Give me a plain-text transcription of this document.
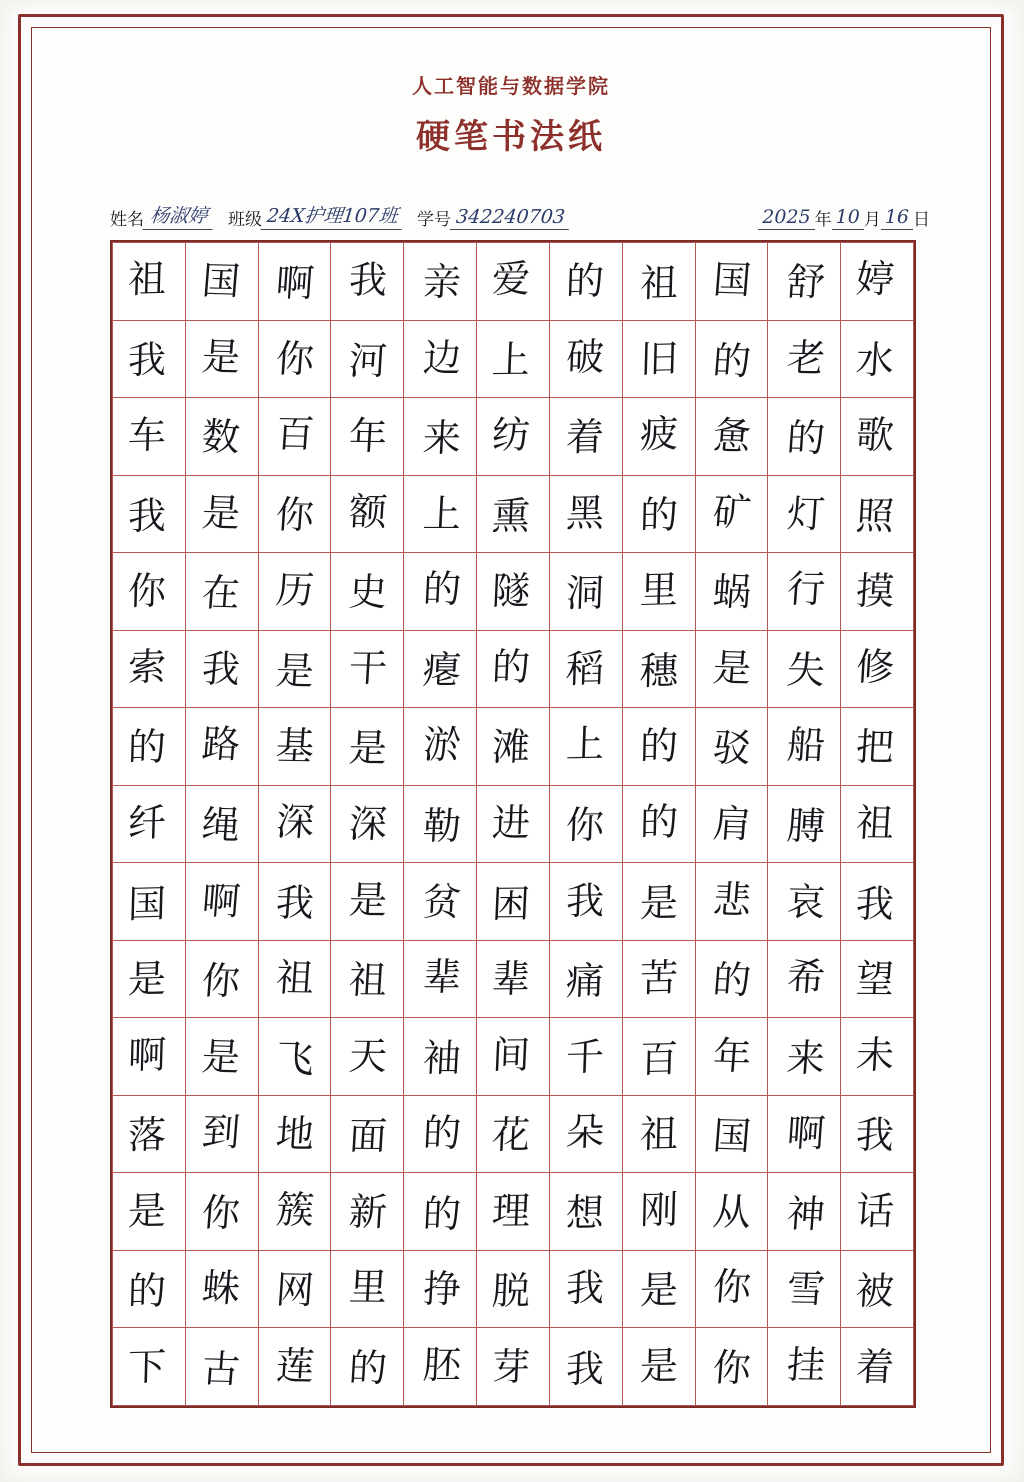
人工智能与数据学院
硬笔书法纸
姓名 杨淑婷	班级 24X护理107班	学号 342240703	2025 年 10 月 16 日
祖	国	啊	我	亲	爱	的	祖	国	舒	婷
我	是	你	河	边	上	破	旧	的	老	水
车	数	百	年	来	纺	着	疲	惫	的	歌
我	是	你	额	上	熏	黑	的	矿	灯	照
你	在	历	史	的	隧	洞	里	蜗	行	摸
索	我	是	干	瘪	的	稻	穗	是	失	修
的	路	基	是	淤	滩	上	的	驳	船	把
纤	绳	深	深	勒	进	你	的	肩	膊	祖
国	啊	我	是	贫	困	我	是	悲	哀	我
是	你	祖	祖	辈	辈	痛	苦	的	希	望
啊	是	飞	天	袖	间	千	百	年	来	未
落	到	地	面	的	花	朵	祖	国	啊	我
是	你	簇	新	的	理	想	刚	从	神	话
的	蛛	网	里	挣	脱	我	是	你	雪	被
下	古	莲	的	胚	芽	我	是	你	挂	着
